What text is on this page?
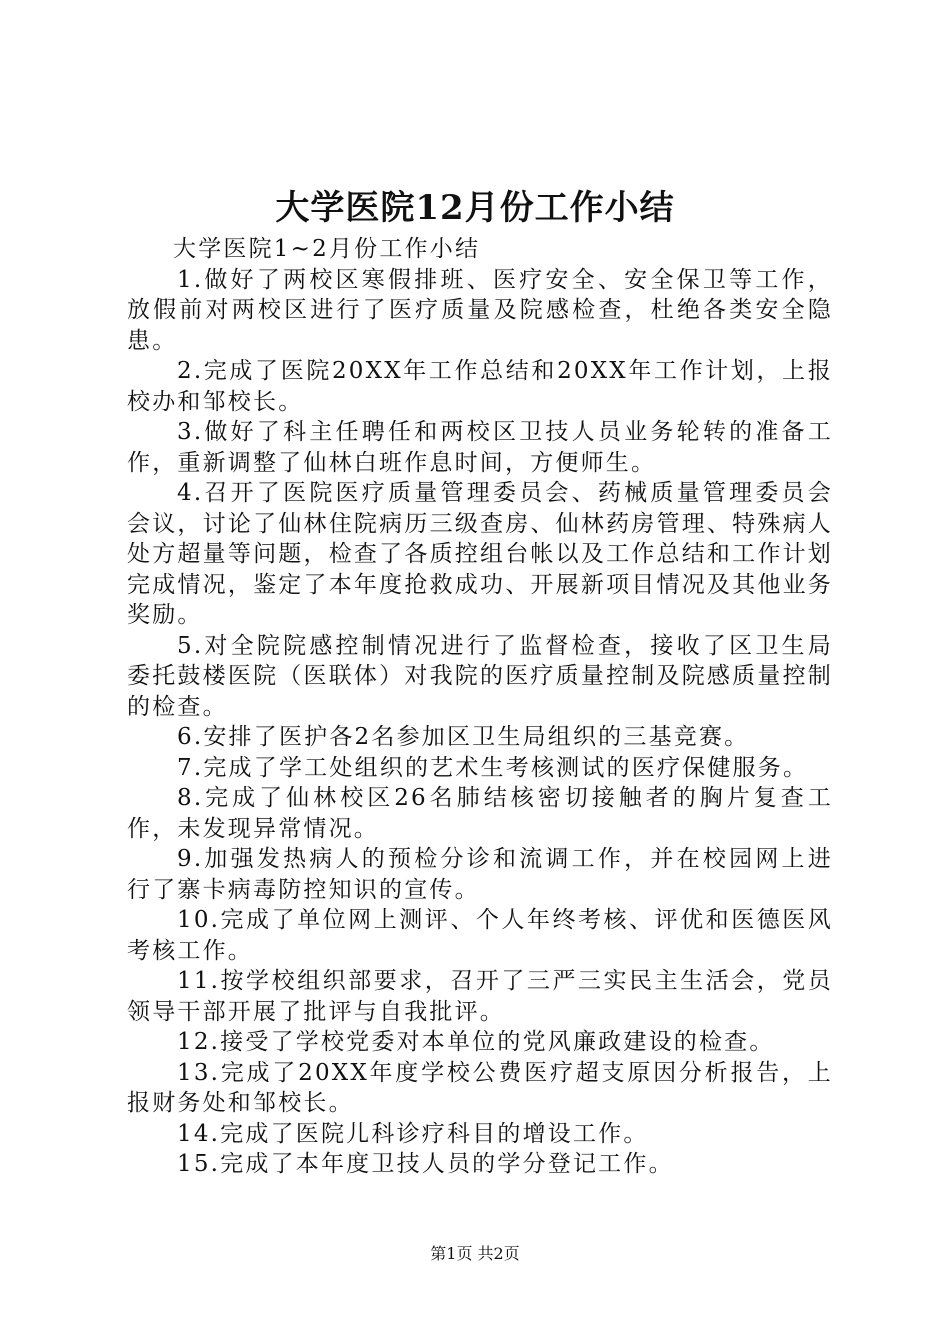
大学医院12月份工作小结

大学医院1~2月份工作小结

1.做好了两校区寒假排班、医疗安全、安全保卫等工作，放假前对两校区进行了医疗质量及院感检查，杜绝各类安全隐患。

2.完成了医院20XX年工作总结和20XX年工作计划，上报校办和邹校长。

3.做好了科主任聘任和两校区卫技人员业务轮转的准备工作，重新调整了仙林白班作息时间，方便师生。

4.召开了医院医疗质量管理委员会、药械质量管理委员会会议，讨论了仙林住院病历三级查房、仙林药房管理、特殊病人处方超量等问题，检查了各质控组台帐以及工作总结和工作计划完成情况，鉴定了本年度抢救成功、开展新项目情况及其他业务奖励。

5.对全院院感控制情况进行了监督检查，接收了区卫生局委托鼓楼医院（医联体）对我院的医疗质量控制及院感质量控制的检查。

6.安排了医护各2名参加区卫生局组织的三基竞赛。

7.完成了学工处组织的艺术生考核测试的医疗保健服务。

8.完成了仙林校区26名肺结核密切接触者的胸片复查工作，未发现异常情况。

9.加强发热病人的预检分诊和流调工作，并在校园网上进行了寨卡病毒防控知识的宣传。

10.完成了单位网上测评、个人年终考核、评优和医德医风考核工作。

11.按学校组织部要求，召开了三严三实民主生活会，党员领导干部开展了批评与自我批评。

12.接受了学校党委对本单位的党风廉政建设的检查。

13.完成了20XX年度学校公费医疗超支原因分析报告，上报财务处和邹校长。

14.完成了医院儿科诊疗科目的增设工作。

15.完成了本年度卫技人员的学分登记工作。

第1页 共2页
